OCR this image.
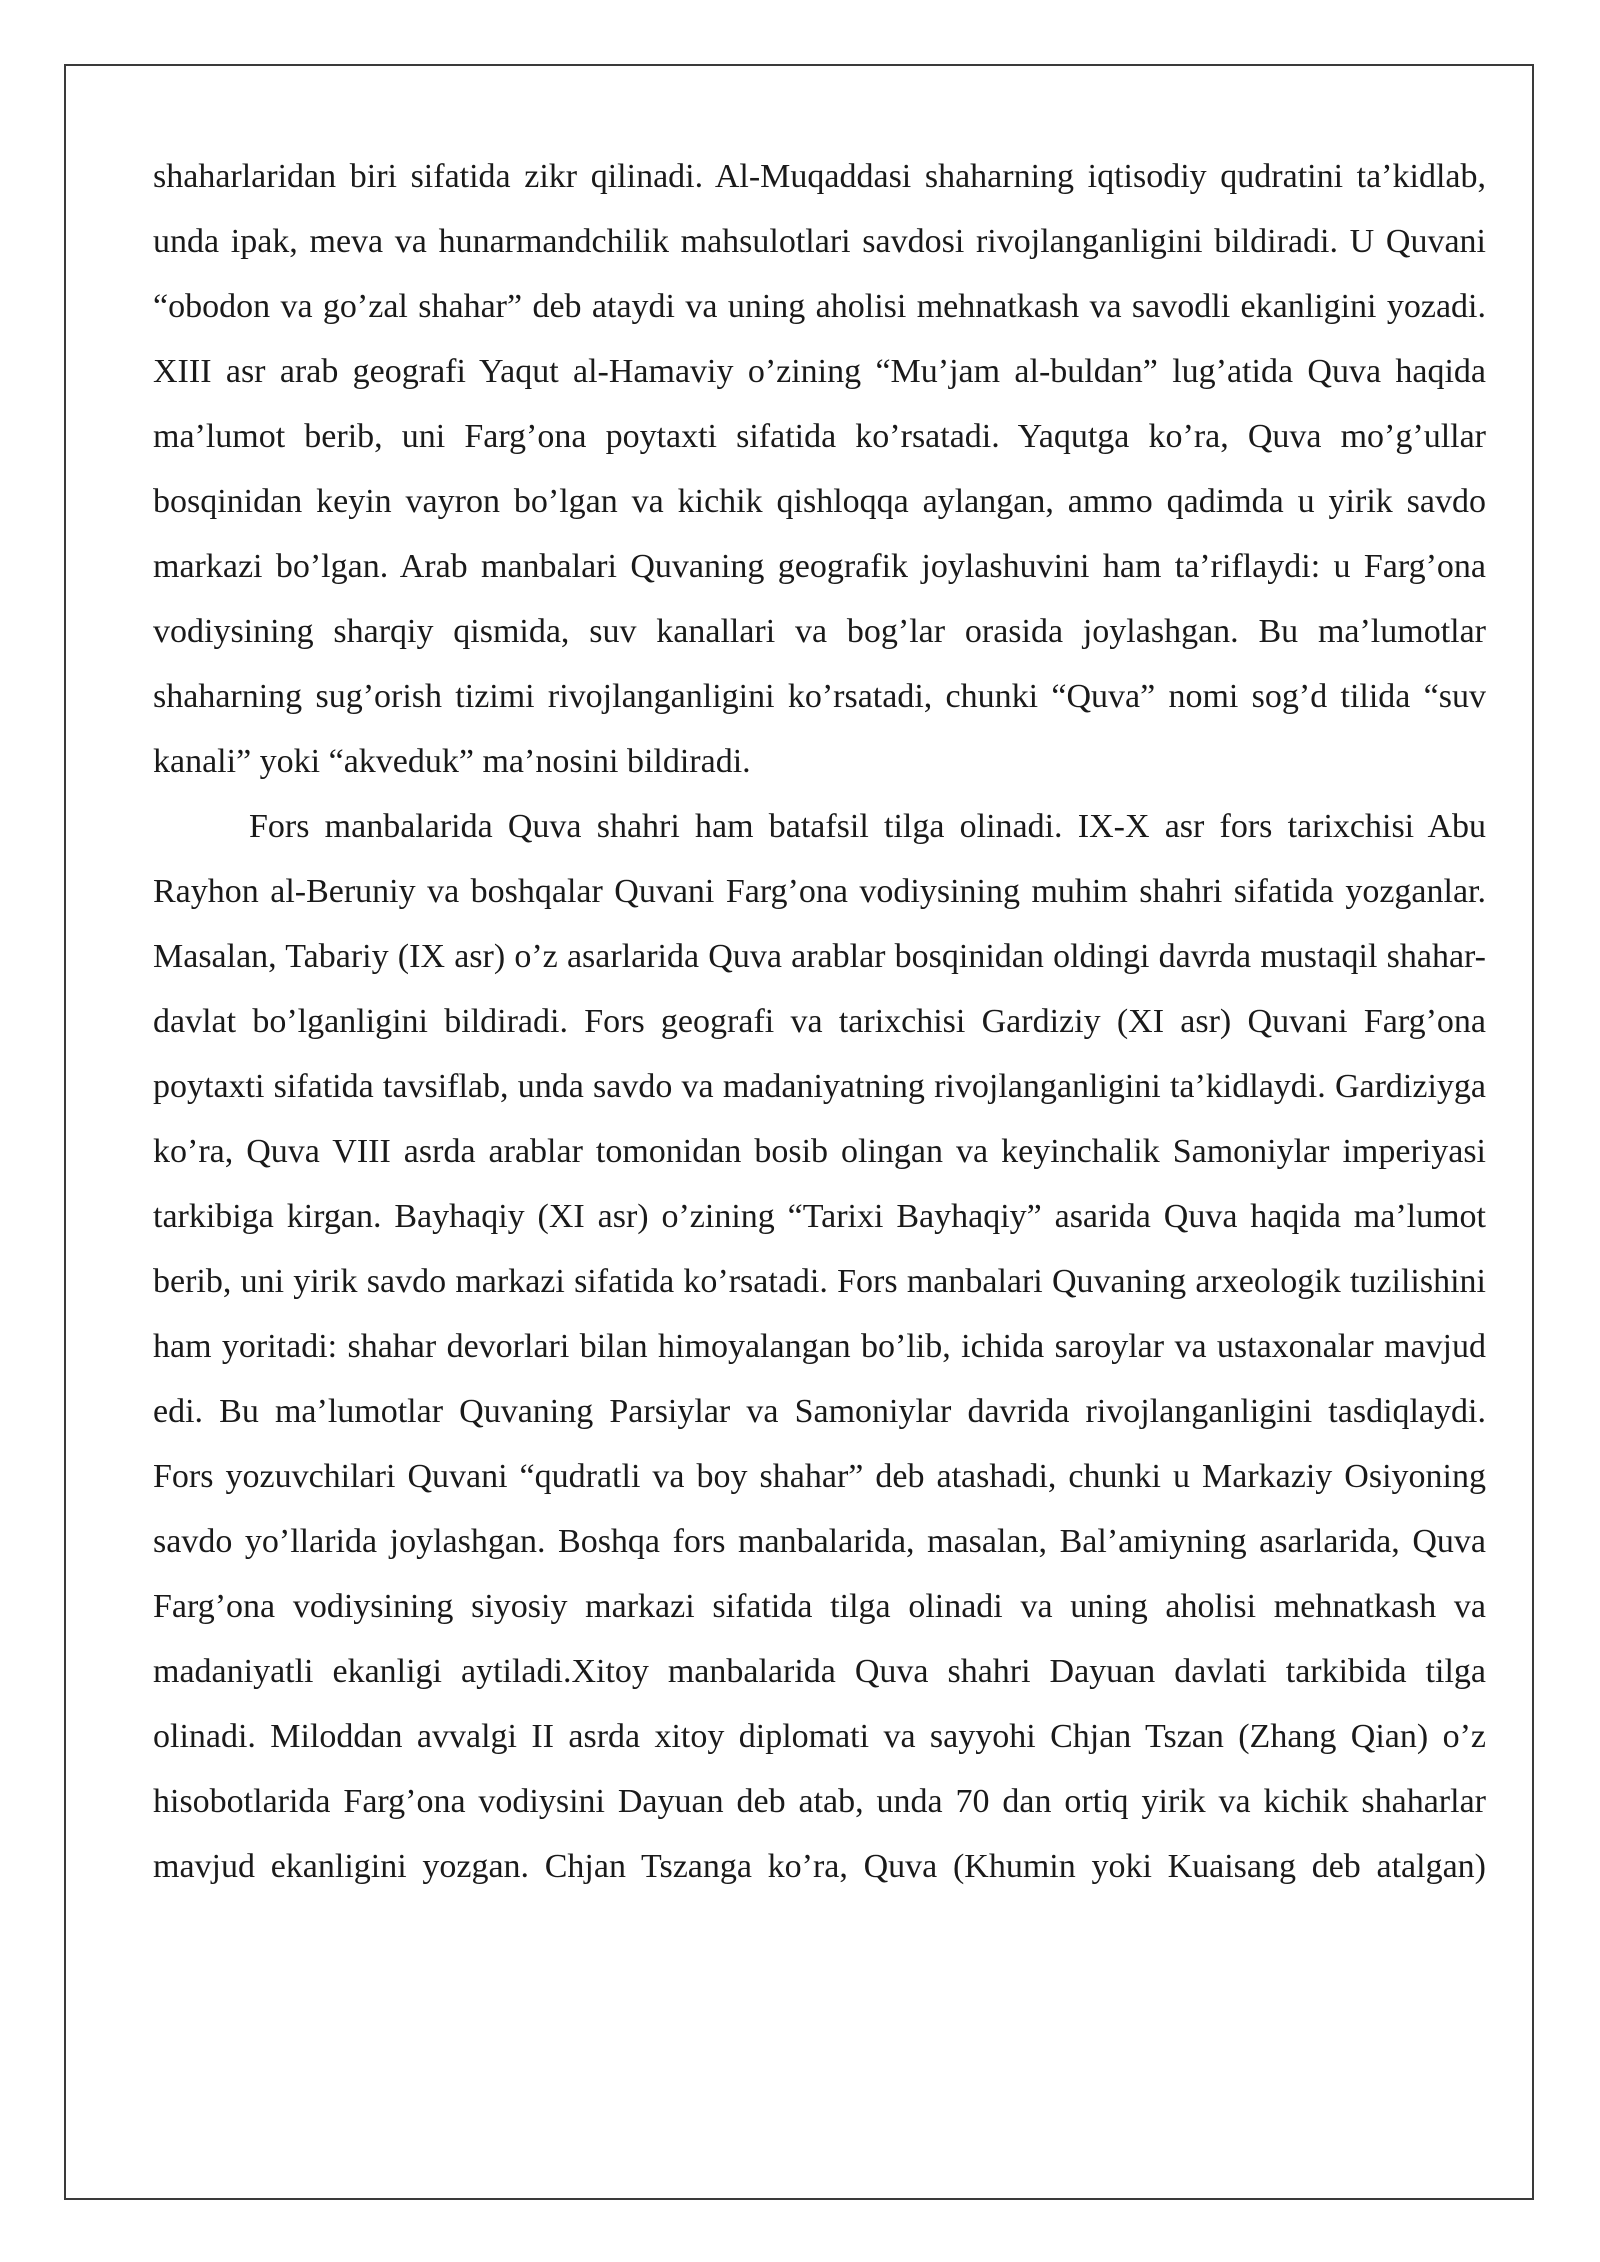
shaharlaridan biri sifatida zikr qilinadi. Al-Muqaddasi shaharning iqtisodiy qudratini ta’kidlab, unda ipak, meva va hunarmandchilik mahsulotlari savdosi rivojlanganligini bildiradi. U Quvani “obodon va go’zal shahar” deb ataydi va uning aholisi mehnatkash va savodli ekanligini yozadi. XIII asr arab geografi Yaqut al-Hamaviy o’zining “Mu’jam al-buldan” lug’atida Quva haqida ma’lumot berib, uni Farg’ona poytaxti sifatida ko’rsatadi. Yaqutga ko’ra, Quva mo’g’ullar bosqinidan keyin vayron bo’lgan va kichik qishloqqa aylangan, ammo qadimda u yirik savdo markazi bo’lgan. Arab manbalari Quvaning geografik joylashuvini ham ta’riflaydi: u Farg’ona vodiysining sharqiy qismida, suv kanallari va bog’lar orasida joylashgan. Bu ma’lumotlar shaharning sug’orish tizimi rivojlanganligini ko’rsatadi, chunki “Quva” nomi sog’d tilida “suv kanali” yoki “akveduk” ma’nosini bildiradi.

Fors manbalarida Quva shahri ham batafsil tilga olinadi. IX-X asr fors tarixchisi Abu Rayhon al-Beruniy va boshqalar Quvani Farg’ona vodiysining muhim shahri sifatida yozganlar. Masalan, Tabariy (IX asr) o’z asarlarida Quva arablar bosqinidan oldingi davrda mustaqil shahar-davlat bo’lganligini bildiradi. Fors geografi va tarixchisi Gardiziy (XI asr) Quvani Farg’ona poytaxti sifatida tavsiflab, unda savdo va madaniyatning rivojlanganligini ta’kidlaydi. Gardiziyga ko’ra, Quva VIII asrda arablar tomonidan bosib olingan va keyinchalik Samoniylar imperiyasi tarkibiga kirgan. Bayhaqiy (XI asr) o’zining “Tarixi Bayhaqiy” asarida Quva haqida ma’lumot berib, uni yirik savdo markazi sifatida ko’rsatadi. Fors manbalari Quvaning arxeologik tuzilishini ham yoritadi: shahar devorlari bilan himoyalangan bo’lib, ichida saroylar va ustaxonalar mavjud edi. Bu ma’lumotlar Quvaning Parsiylar va Samoniylar davrida rivojlanganligini tasdiqlaydi. Fors yozuvchilari Quvani “qudratli va boy shahar” deb atashadi, chunki u Markaziy Osiyoning savdo yo’llarida joylashgan. Boshqa fors manbalarida, masalan, Bal’amiyning asarlarida, Quva Farg’ona vodiysining siyosiy markazi sifatida tilga olinadi va uning aholisi mehnatkash va madaniyatli ekanligi aytiladi.Xitoy manbalarida Quva shahri Dayuan davlati tarkibida tilga olinadi. Miloddan avvalgi II asrda xitoy diplomati va sayyohi Chjan Tszan (Zhang Qian) o’z hisobotlarida Farg’ona vodiysini Dayuan deb atab, unda 70 dan ortiq yirik va kichik shaharlar mavjud ekanligini yozgan. Chjan Tszanga ko’ra, Quva (Khumin yoki Kuaisang deb atalgan)
